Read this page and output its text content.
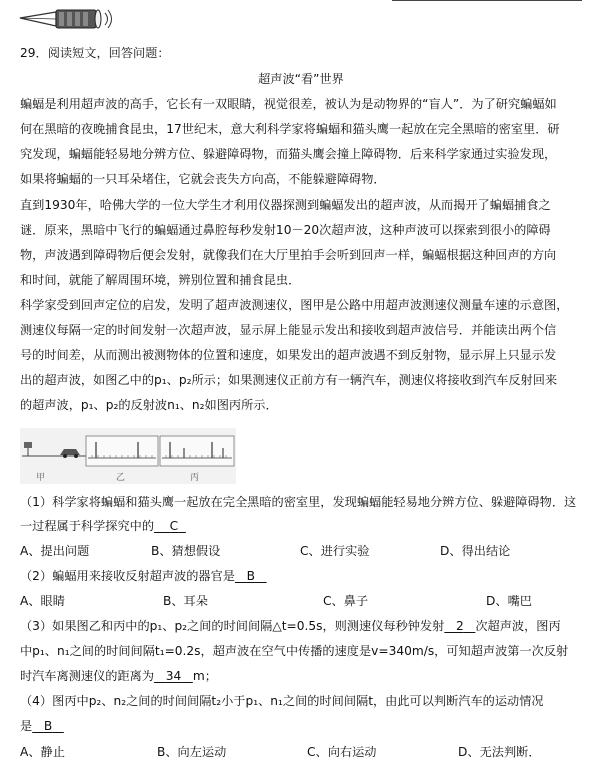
29．阅读短文，回答问题：
超声波“看”世界
蝙蝠是利用超声波的高手，它长有一双眼睛，视觉很差，被认为是动物界的“盲人”．为了研究蝙蝠如
何在黑暗的夜晚捕食昆虫，17世纪末，意大利科学家将蝙蝠和猫头鹰一起放在完全黑暗的密室里．研
究发现，蝙蝠能轻易地分辨方位、躲避障碍物，而猫头鹰会撞上障碍物．后来科学家通过实验发现，
如果将蝙蝠的一只耳朵堵住，它就会丧失方向高，不能躲避障碍物．
直到1930年，哈佛大学的一位大学生才利用仪器探测到蝙蝠发出的超声波，从而揭开了蝙蝠捕食之
谜．原来，黑暗中飞行的蝙蝠通过鼻腔每秒发射10－20次超声波，这种声波可以探索到很小的障碍
物，声波遇到障碍物后便会发射，就像我们在大厅里拍手会听到回声一样，蝙蝠根据这种回声的方向
和时间，就能了解周围环境，辨别位置和捕食昆虫．
科学家受到回声定位的启发，发明了超声波测速仪，图甲是公路中用超声波测速仪测量车速的示意图，
测速仪每隔一定的时间发射一次超声波，显示屏上能显示发出和接收到超声波信号．并能读出两个信
号的时间差，从而测出被测物体的位置和速度，如果发出的超声波遇不到反射物，显示屏上只显示发
出的超声波，如图乙中的p₁、p₂所示；如果测速仪正前方有一辆汽车，测速仪将接收到汽车反射回来
的超声波，p₁、p₂的反射波n₁、n₂如图丙所示．
甲	乙	丙
（1）科学家将蝙蝠和猫头鹰一起放在完全黑暗的密室里，发现蝙蝠能轻易地分辨方位、躲避障碍物．这
一过程属于科学探究中的 C
A、提出问题	B、猜想假设	C、进行实验	D、得出结论
（2）蝙蝠用来接收反射超声波的器官是 B
A、眼睛	B、耳朵	C、鼻子	D、嘴巴
（3）如果图乙和丙中的p₁、p₂之间的时间间隔△t=0.5s，则测速仪每秒钟发射 2 次超声波，图丙
中p₁、n₁之间的时间间隔t₁=0.2s，超声波在空气中传播的速度是v=340m/s，可知超声波第一次反射
时汽车离测速仪的距离为 34 m；
（4）图丙中p₂、n₂之间的时间间隔t₂小于p₁、n₁之间的时间间隔t，由此可以判断汽车的运动情况
是 B
A、静止	B、向左运动	C、向右运动	D、无法判断．
